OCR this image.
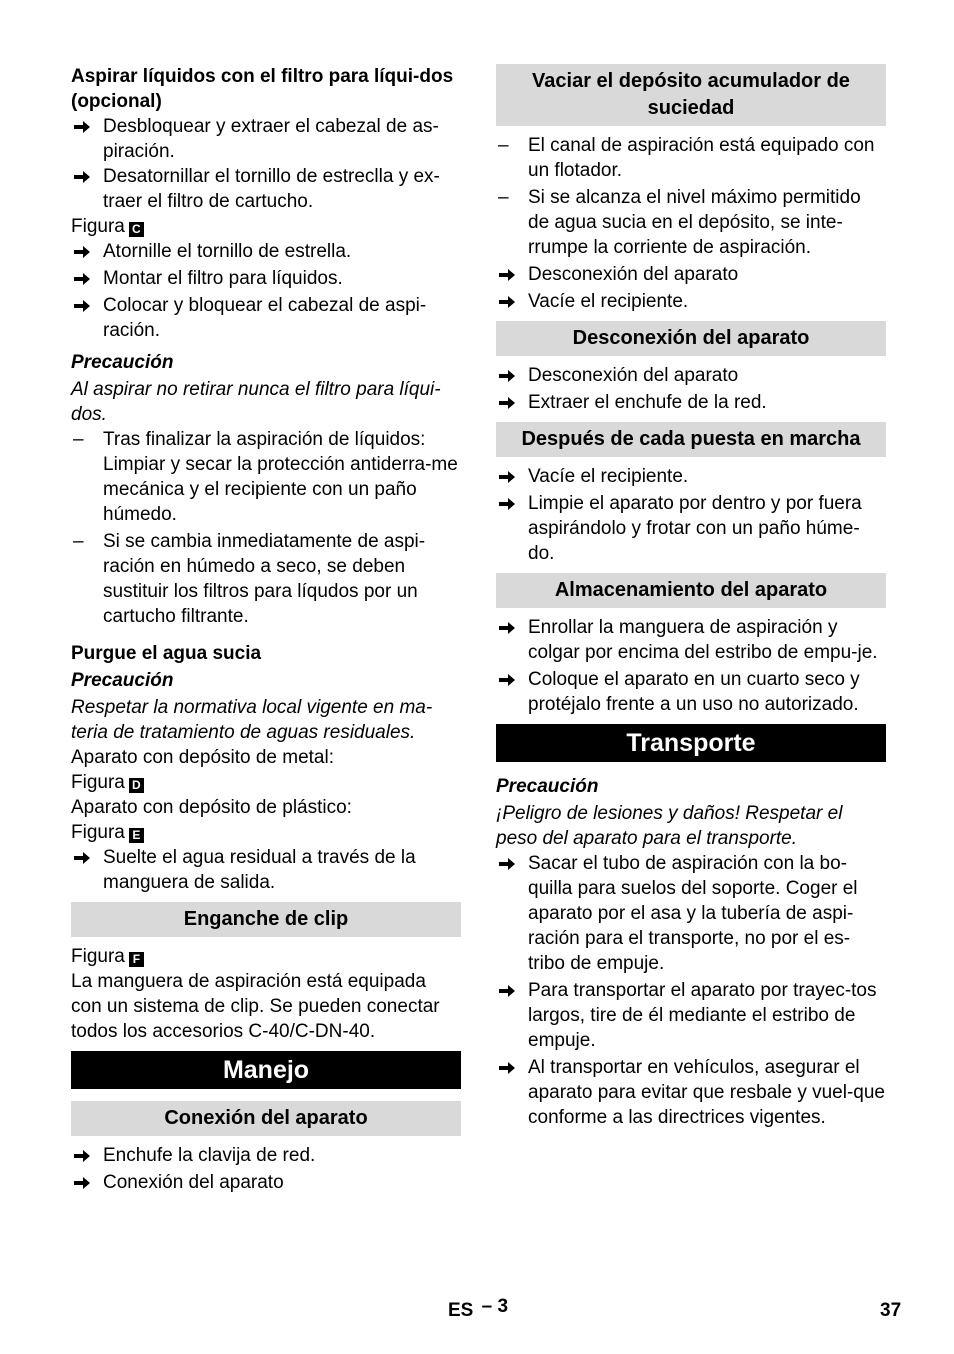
Aspirar líquidos con el filtro para líqui-dos (opcional)

Desbloquear y extraer el cabezal de as-piración.
Desatornillar el tornillo de estreclla y ex-traer el filtro de cartucho.

Figura C

Atornille el tornillo de estrella.
Montar el filtro para líquidos.
Colocar y bloquear el cabezal de aspi-ración.

Precaución

Al aspirar no retirar nunca el filtro para líqui-dos.

–	Tras finalizar la aspiración de líquidos: Limpiar y secar la protección antiderra-me mecánica y el recipiente con un paño húmedo.
–	Si se cambia inmediatamente de aspi-ración en húmedo a seco, se deben sustituir los filtros para líqudos por un cartucho filtrante.

Purgue el agua sucia

Precaución

Respetar la normativa local vigente en ma-teria de tratamiento de aguas residuales.

Aparato con depósito de metal:

Figura D

Aparato con depósito de plástico:

Figura E

Suelte el agua residual a través de la manguera de salida.
Enganche de clip

Figura F

La manguera de aspiración está equipada con un sistema de clip. Se pueden conectar todos los accesorios C-40/C-DN-40.

Manejo
Conexión del aparato
Enchufe la clavija de red.
Conexión del aparato
Vaciar el depósito acumulador de suciedad
–	El canal de aspiración está equipado con un flotador.
–	Si se alcanza el nivel máximo permitido de agua sucia en el depósito, se inte-rrumpe la corriente de aspiración.
Desconexión del aparato
Vacíe el recipiente.
Desconexión del aparato
Desconexión del aparato
Extraer el enchufe de la red.
Después de cada puesta en marcha
Vacíe el recipiente.
Limpie el aparato por dentro y por fuera aspirándolo y frotar con un paño húme-do.
Almacenamiento del aparato
Enrollar la manguera de aspiración y colgar por encima del estribo de empu-je.
Coloque el aparato en un cuarto seco y protéjalo frente a un uso no autorizado.
Transporte

Precaución

¡Peligro de lesiones y daños! Respetar el peso del aparato para el transporte.

Sacar el tubo de aspiración con la bo-quilla para suelos del soporte. Coger el aparato por el asa y la tubería de aspi-ración para el transporte, no por el es-tribo de empuje.
Para transportar el aparato por trayec-tos largos, tire de él mediante el estribo de empuje.
Al transportar en vehículos, asegurar el aparato para evitar que resbale y vuel-que conforme a las directrices vigentes.
ES – 3	37
